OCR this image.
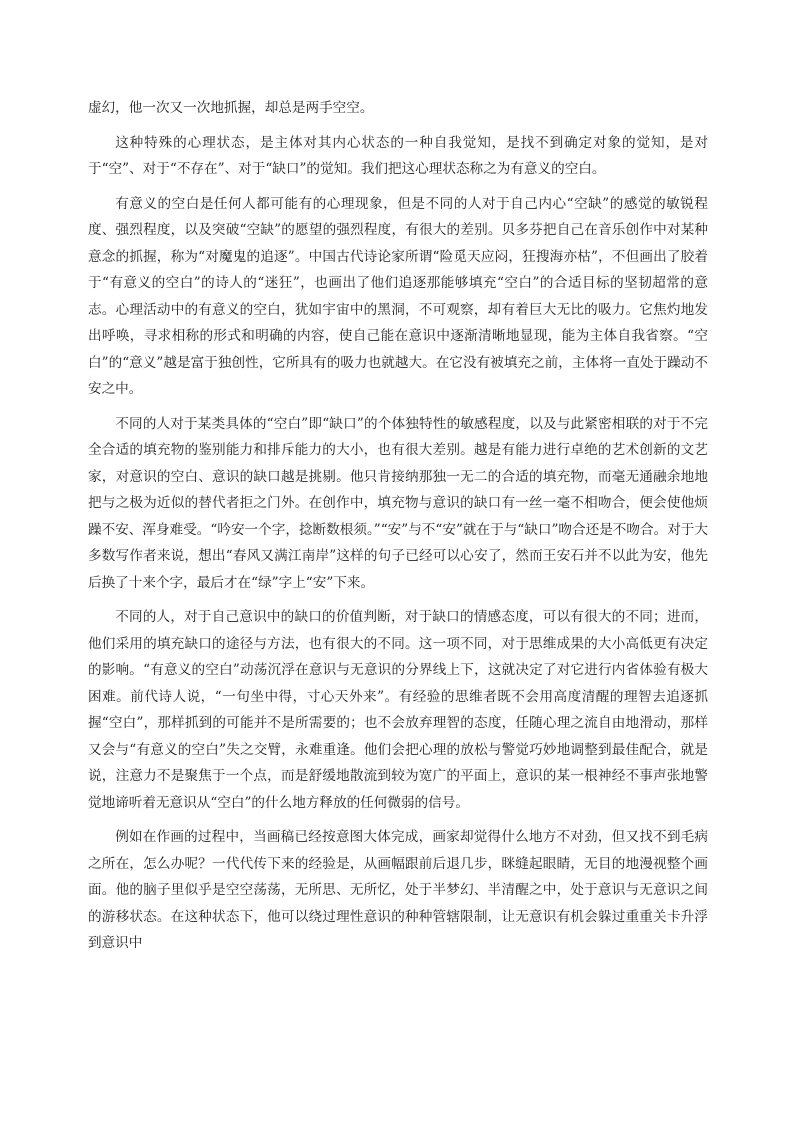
虚幻，他一次又一次地抓握，却总是两手空空。

这种特殊的心理状态，是主体对其内心状态的一种自我觉知，是找不到确定对象的觉知，是对于“空”、对于“不存在”、对于“缺口”的觉知。我们把这心理状态称之为有意义的空白。

有意义的空白是任何人都可能有的心理现象，但是不同的人对于自己内心“空缺”的感觉的敏锐程度、强烈程度，以及突破“空缺”的愿望的强烈程度，有很大的差别。贝多芬把自己在音乐创作中对某种意念的抓握，称为“对魔鬼的追逐”。中国古代诗论家所谓“险觅天应闷，狂搜海亦枯”，不但画出了胶着于“有意义的空白”的诗人的“迷狂”，也画出了他们追逐那能够填充“空白”的合适目标的坚韧超常的意志。心理活动中的有意义的空白，犹如宇宙中的黑洞，不可观察，却有着巨大无比的吸力。它焦灼地发出呼唤，寻求相称的形式和明确的内容，使自己能在意识中逐渐清晰地显现，能为主体自我省察。“空白”的“意义”越是富于独创性，它所具有的吸力也就越大。在它没有被填充之前，主体将一直处于躁动不安之中。

不同的人对于某类具体的“空白”即“缺口”的个体独特性的敏感程度，以及与此紧密相联的对于不完全合适的填充物的鉴别能力和排斥能力的大小，也有很大差别。越是有能力进行卓绝的艺术创新的文艺家，对意识的空白、意识的缺口越是挑剔。他只肯接纳那独一无二的合适的填充物，而毫无通融余地地把与之极为近似的替代者拒之门外。在创作中，填充物与意识的缺口有一丝一毫不相吻合，便会使他烦躁不安、浑身难受。“吟安一个字，捻断数根须。”“安”与不“安”就在于与“缺口”吻合还是不吻合。对于大多数写作者来说，想出“春风又满江南岸”这样的句子已经可以心安了，然而王安石并不以此为安，他先后换了十来个字，最后才在“绿”字上“安”下来。

不同的人，对于自己意识中的缺口的价值判断，对于缺口的情感态度，可以有很大的不同；进而，他们采用的填充缺口的途径与方法，也有很大的不同。这一项不同，对于思维成果的大小高低更有决定的影响。“有意义的空白”动荡沉浮在意识与无意识的分界线上下，这就决定了对它进行内省体验有极大困难。前代诗人说，“一句坐中得，寸心天外来”。有经验的思维者既不会用高度清醒的理智去追逐抓握“空白”，那样抓到的可能并不是所需要的；也不会放弃理智的态度，任随心理之流自由地滑动，那样又会与“有意义的空白”失之交臂，永难重逢。他们会把心理的放松与警觉巧妙地调整到最佳配合，就是说，注意力不是聚焦于一个点，而是舒缓地散流到较为宽广的平面上，意识的某一根神经不事声张地警觉地谛听着无意识从“空白”的什么地方释放的任何微弱的信号。

例如在作画的过程中，当画稿已经按意图大体完成，画家却觉得什么地方不对劲，但又找不到毛病之所在，怎么办呢？一代代传下来的经验是，从画幅跟前后退几步，眯缝起眼睛，无目的地漫视整个画面。他的脑子里似乎是空空荡荡，无所思、无所忆，处于半梦幻、半清醒之中，处于意识与无意识之间的游移状态。在这种状态下，他可以绕过理性意识的种种管辖限制，让无意识有机会躲过重重关卡升浮到意识中
